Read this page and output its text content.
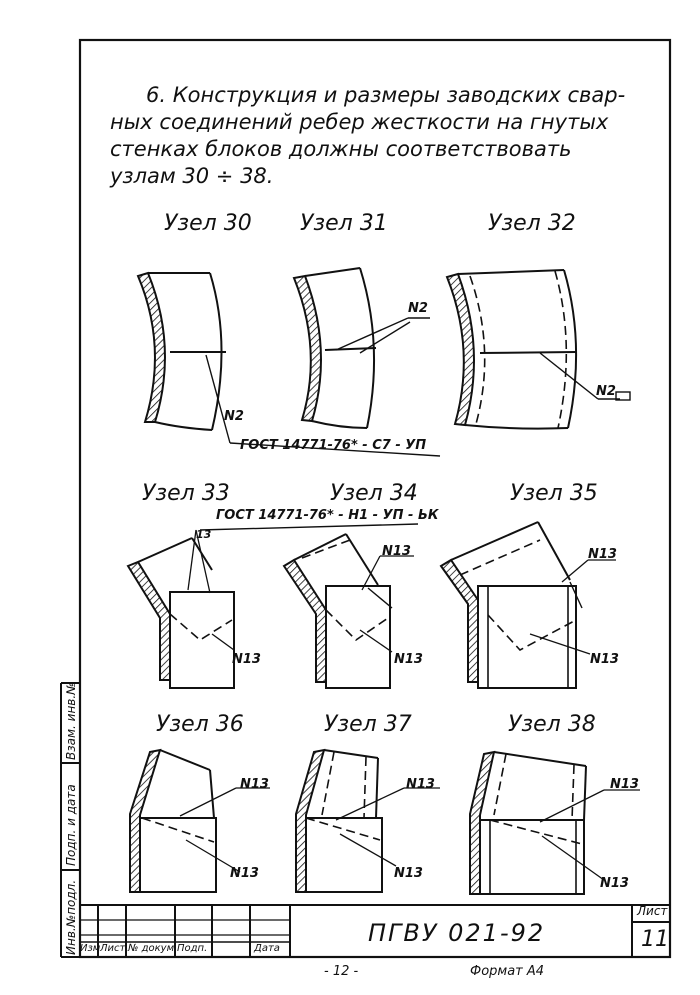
6. Конструкция и размеры заводских свар-

ных соединений ребер жесткости на гнутых

стенках блоков должны соответствовать

узлам 30 ÷ 38.

Узел 30 Узел 31	Узел 32
Узел 33	Узел 34	Узел 35
Узел 36	Узел 37	Узел 38
N2
ГОСТ 14771-76* - С7 - УП
N2
N2
ГОСТ 14771-76* - Н1 - УП - ЬК
13
N13
N13
N13
N13
N13
N13
N13
N13
N13
N13
N13
Инв.№подл.
Подп. и дата
Взам. инв.№
Изм Лист № докум. Подп.	Дата
ПГВУ 021-92
Лист
11
- 12 -	Формат А4
